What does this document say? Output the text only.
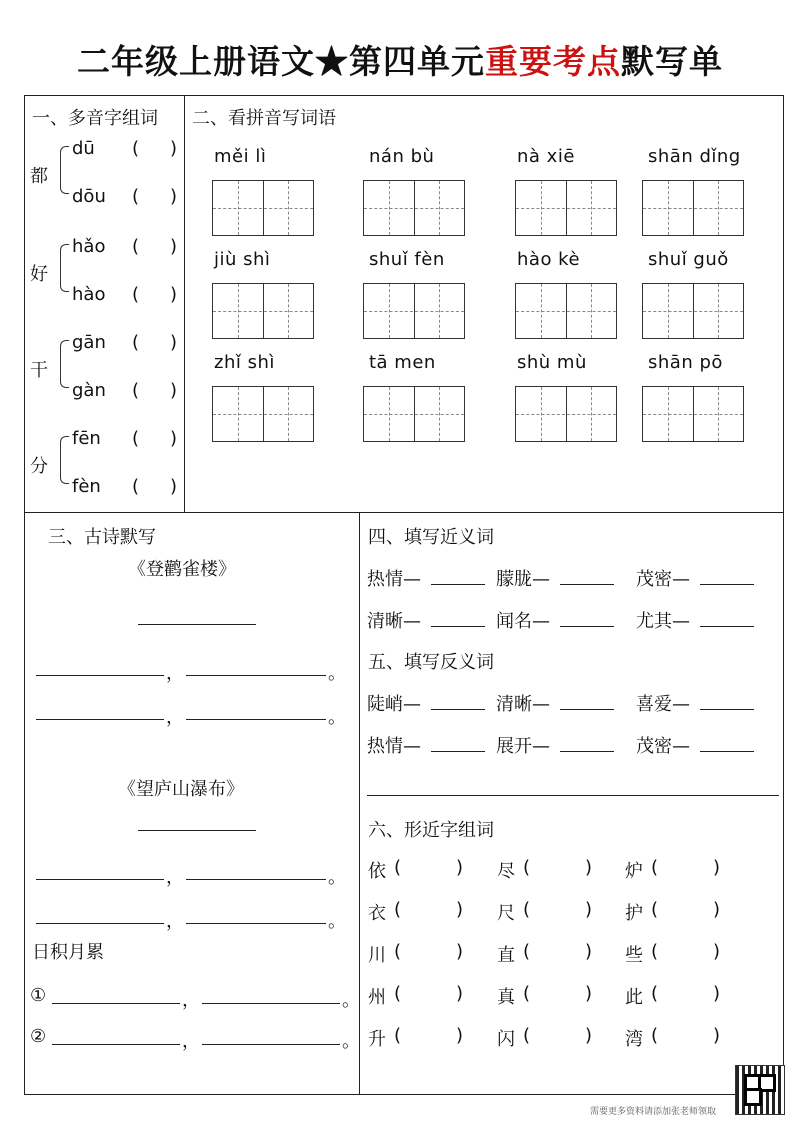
二年级上册语文★第四单元重要考点默写单
一、多音字组词
都
dū ( )
dōu ( )
好
hǎo ( )
hào ( )
干
gān ( )
gàn ( )
分
fēn ( )
fèn ( )
二、看拼音写词语
měi lì	nán bù	nà xiē	shān dǐng
jiù shì	shuǐ fèn	hào kè	shuǐ guǒ
zhǐ shì	tā men	shù mù	shān pō
三、古诗默写
《登鹳雀楼》
，	。
，	。
《望庐山瀑布》
，	。
，	。
日积月累
①	，	。
②	，	。
四、填写近义词
热情—	朦胧—	茂密—
清晰—	闻名—	尤其—
五、填写反义词
陡峭—	清晰—	喜爱—
热情—	展开—	茂密—
六、形近字组词
依 (	) 尽 (	) 炉 (	)
衣 (	) 尺 (	) 护 (	)
川 (	) 直 (	) 些 (	)
州 (	) 真 (	) 此 (	)
升 (	) 闪 (	) 湾 (	)
需要更多资料请添加张老师领取
